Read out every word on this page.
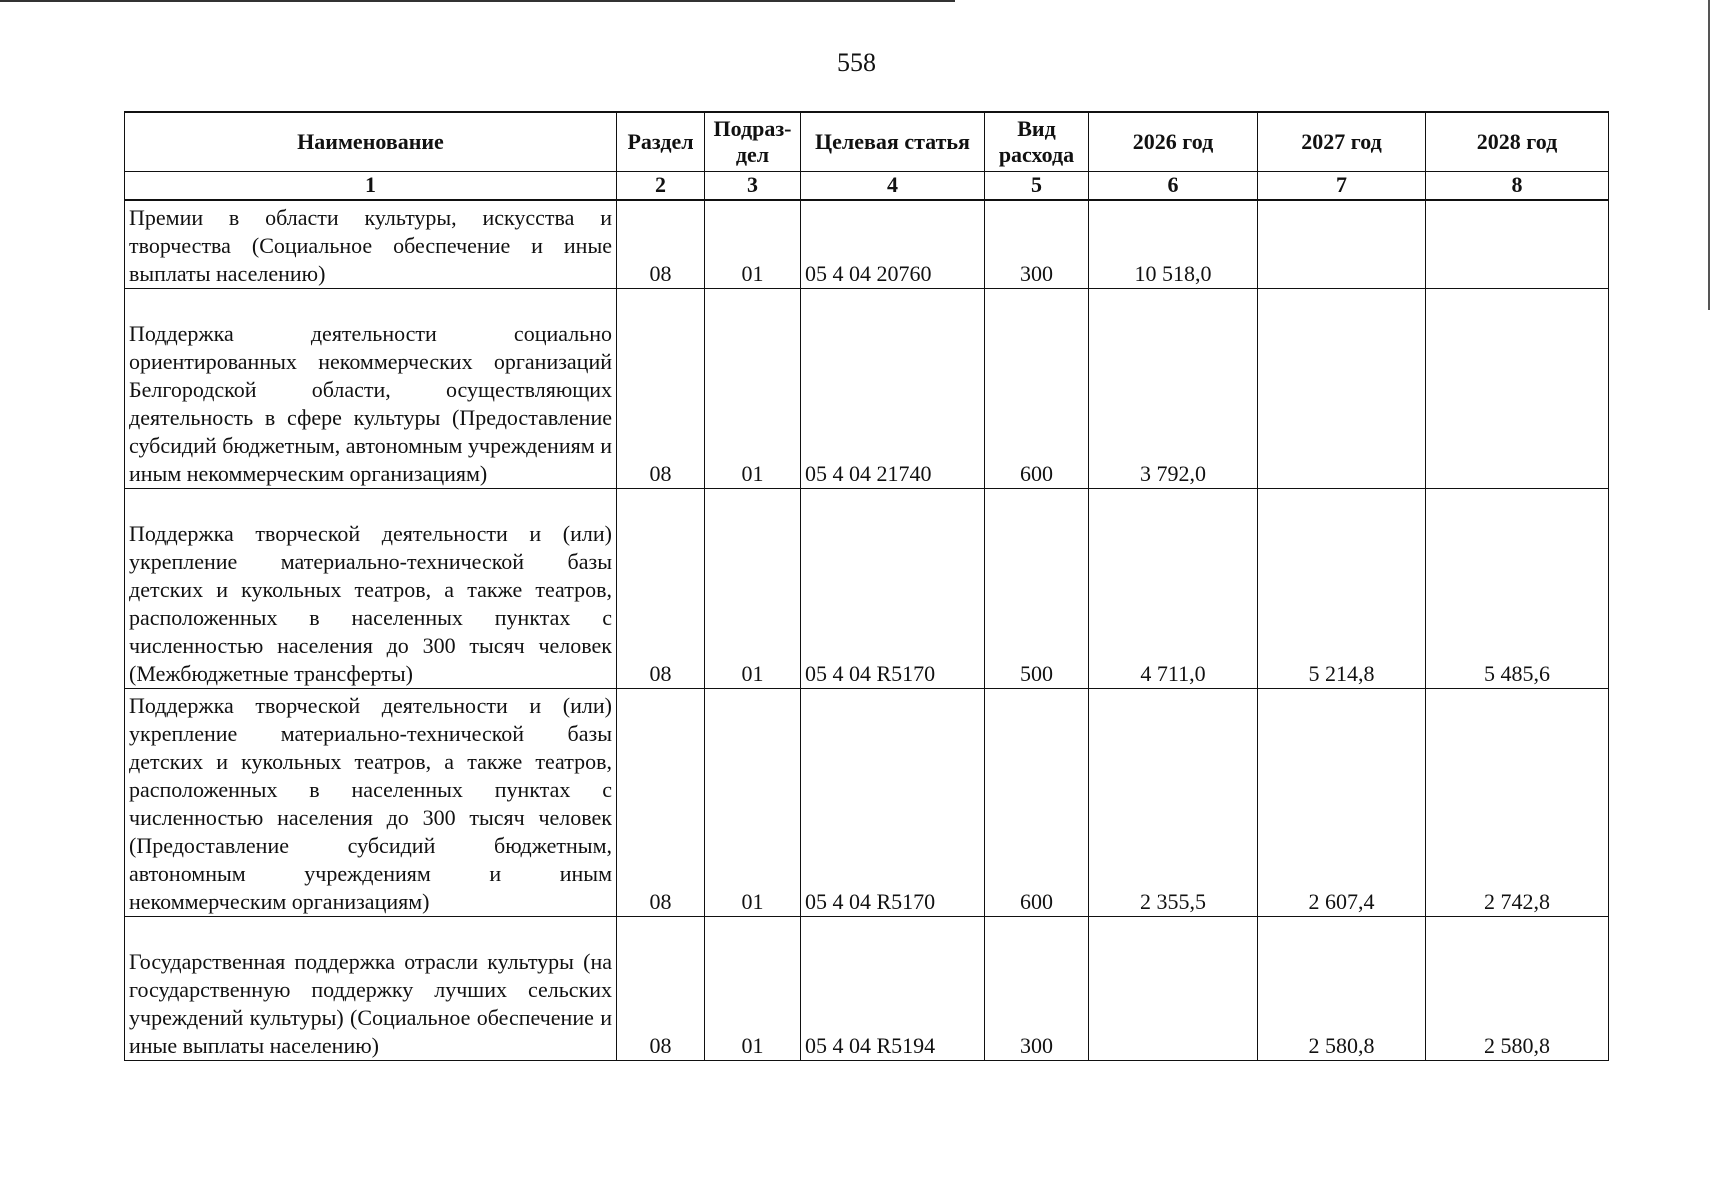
558
Наименование	Раздел	Подраз-дел	Целевая статья	Вид расхода	2026 год	2027 год	2028 год
1	2	3	4	5	6	7	8
Премии в области культуры, искусства и творчества (Социальное обеспечение и иные выплаты населению)	08	01	05 4 04 20760	300	10 518,0		
Поддержка деятельности социально ориентированных некоммерческих организаций Белгородской области, осуществляющих деятельность в сфере культуры (Предоставление субсидий бюджетным, автономным учреждениям и иным некоммерческим организациям)	08	01	05 4 04 21740	600	3 792,0		
Поддержка творческой деятельности и (или) укрепление материально-технической базы детских и кукольных театров, а также театров, расположенных в населенных пунктах с численностью населения до 300 тысяч человек (Межбюджетные трансферты)	08	01	05 4 04 R5170	500	4 711,0	5 214,8	5 485,6
Поддержка творческой деятельности и (или) укрепление материально-технической базы детских и кукольных театров, а также театров, расположенных в населенных пунктах с численностью населения до 300 тысяч человек (Предоставление субсидий бюджетным, автономным учреждениям и иным некоммерческим организациям)	08	01	05 4 04 R5170	600	2 355,5	2 607,4	2 742,8
Государственная поддержка отрасли культуры (на государственную поддержку лучших сельских учреждений культуры) (Социальное обеспечение и иные выплаты населению)	08	01	05 4 04 R5194	300		2 580,8	2 580,8
